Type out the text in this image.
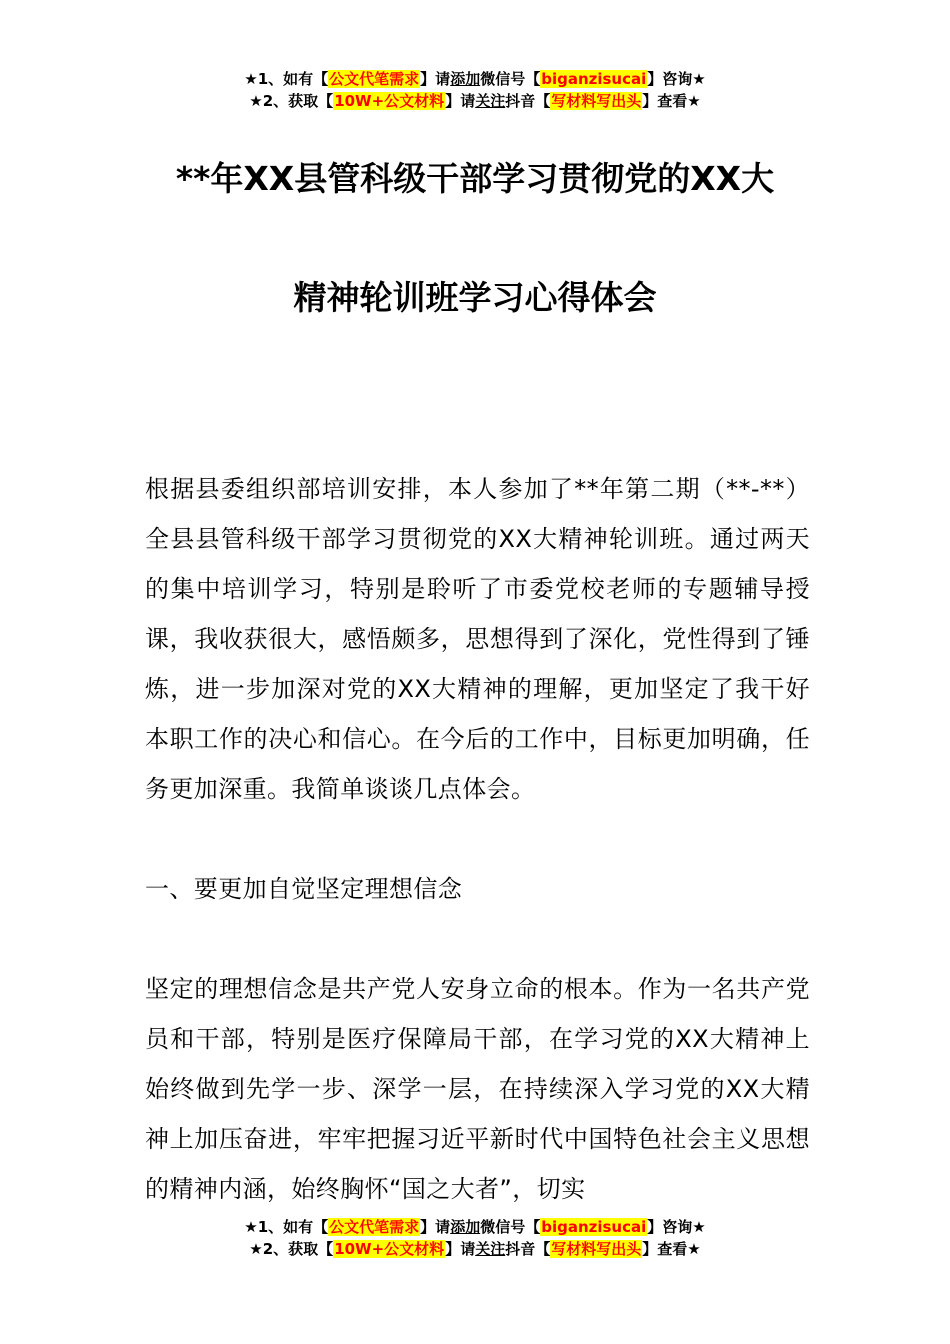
★1、如有【公文代笔需求】请添加微信号【biganzisucai】咨询★
★2、获取【10W+公文材料】请关注抖音【写材料写出头】查看★
**年XX县管科级干部学习贯彻党的XX大
精神轮训班学习心得体会

根据县委组织部培训安排，本人参加了**年第二期（**-**）全县县管科级干部学习贯彻党的XX大精神轮训班。通过两天的集中培训学习，特别是聆听了市委党校老师的专题辅导授课，我收获很大，感悟颇多，思想得到了深化，党性得到了锤炼，进一步加深对党的XX大精神的理解，更加坚定了我干好本职工作的决心和信心。在今后的工作中，目标更加明确，任务更加深重。我简单谈谈几点体会。

一、要更加自觉坚定理想信念

坚定的理想信念是共产党人安身立命的根本。作为一名共产党员和干部，特别是医疗保障局干部，在学习党的XX大精神上始终做到先学一步、深学一层，在持续深入学习党的XX大精神上加压奋进，牢牢把握习近平新时代中国特色社会主义思想的精神内涵，始终胸怀“国之大者”，切实

★1、如有【公文代笔需求】请添加微信号【biganzisucai】咨询★
★2、获取【10W+公文材料】请关注抖音【写材料写出头】查看★
